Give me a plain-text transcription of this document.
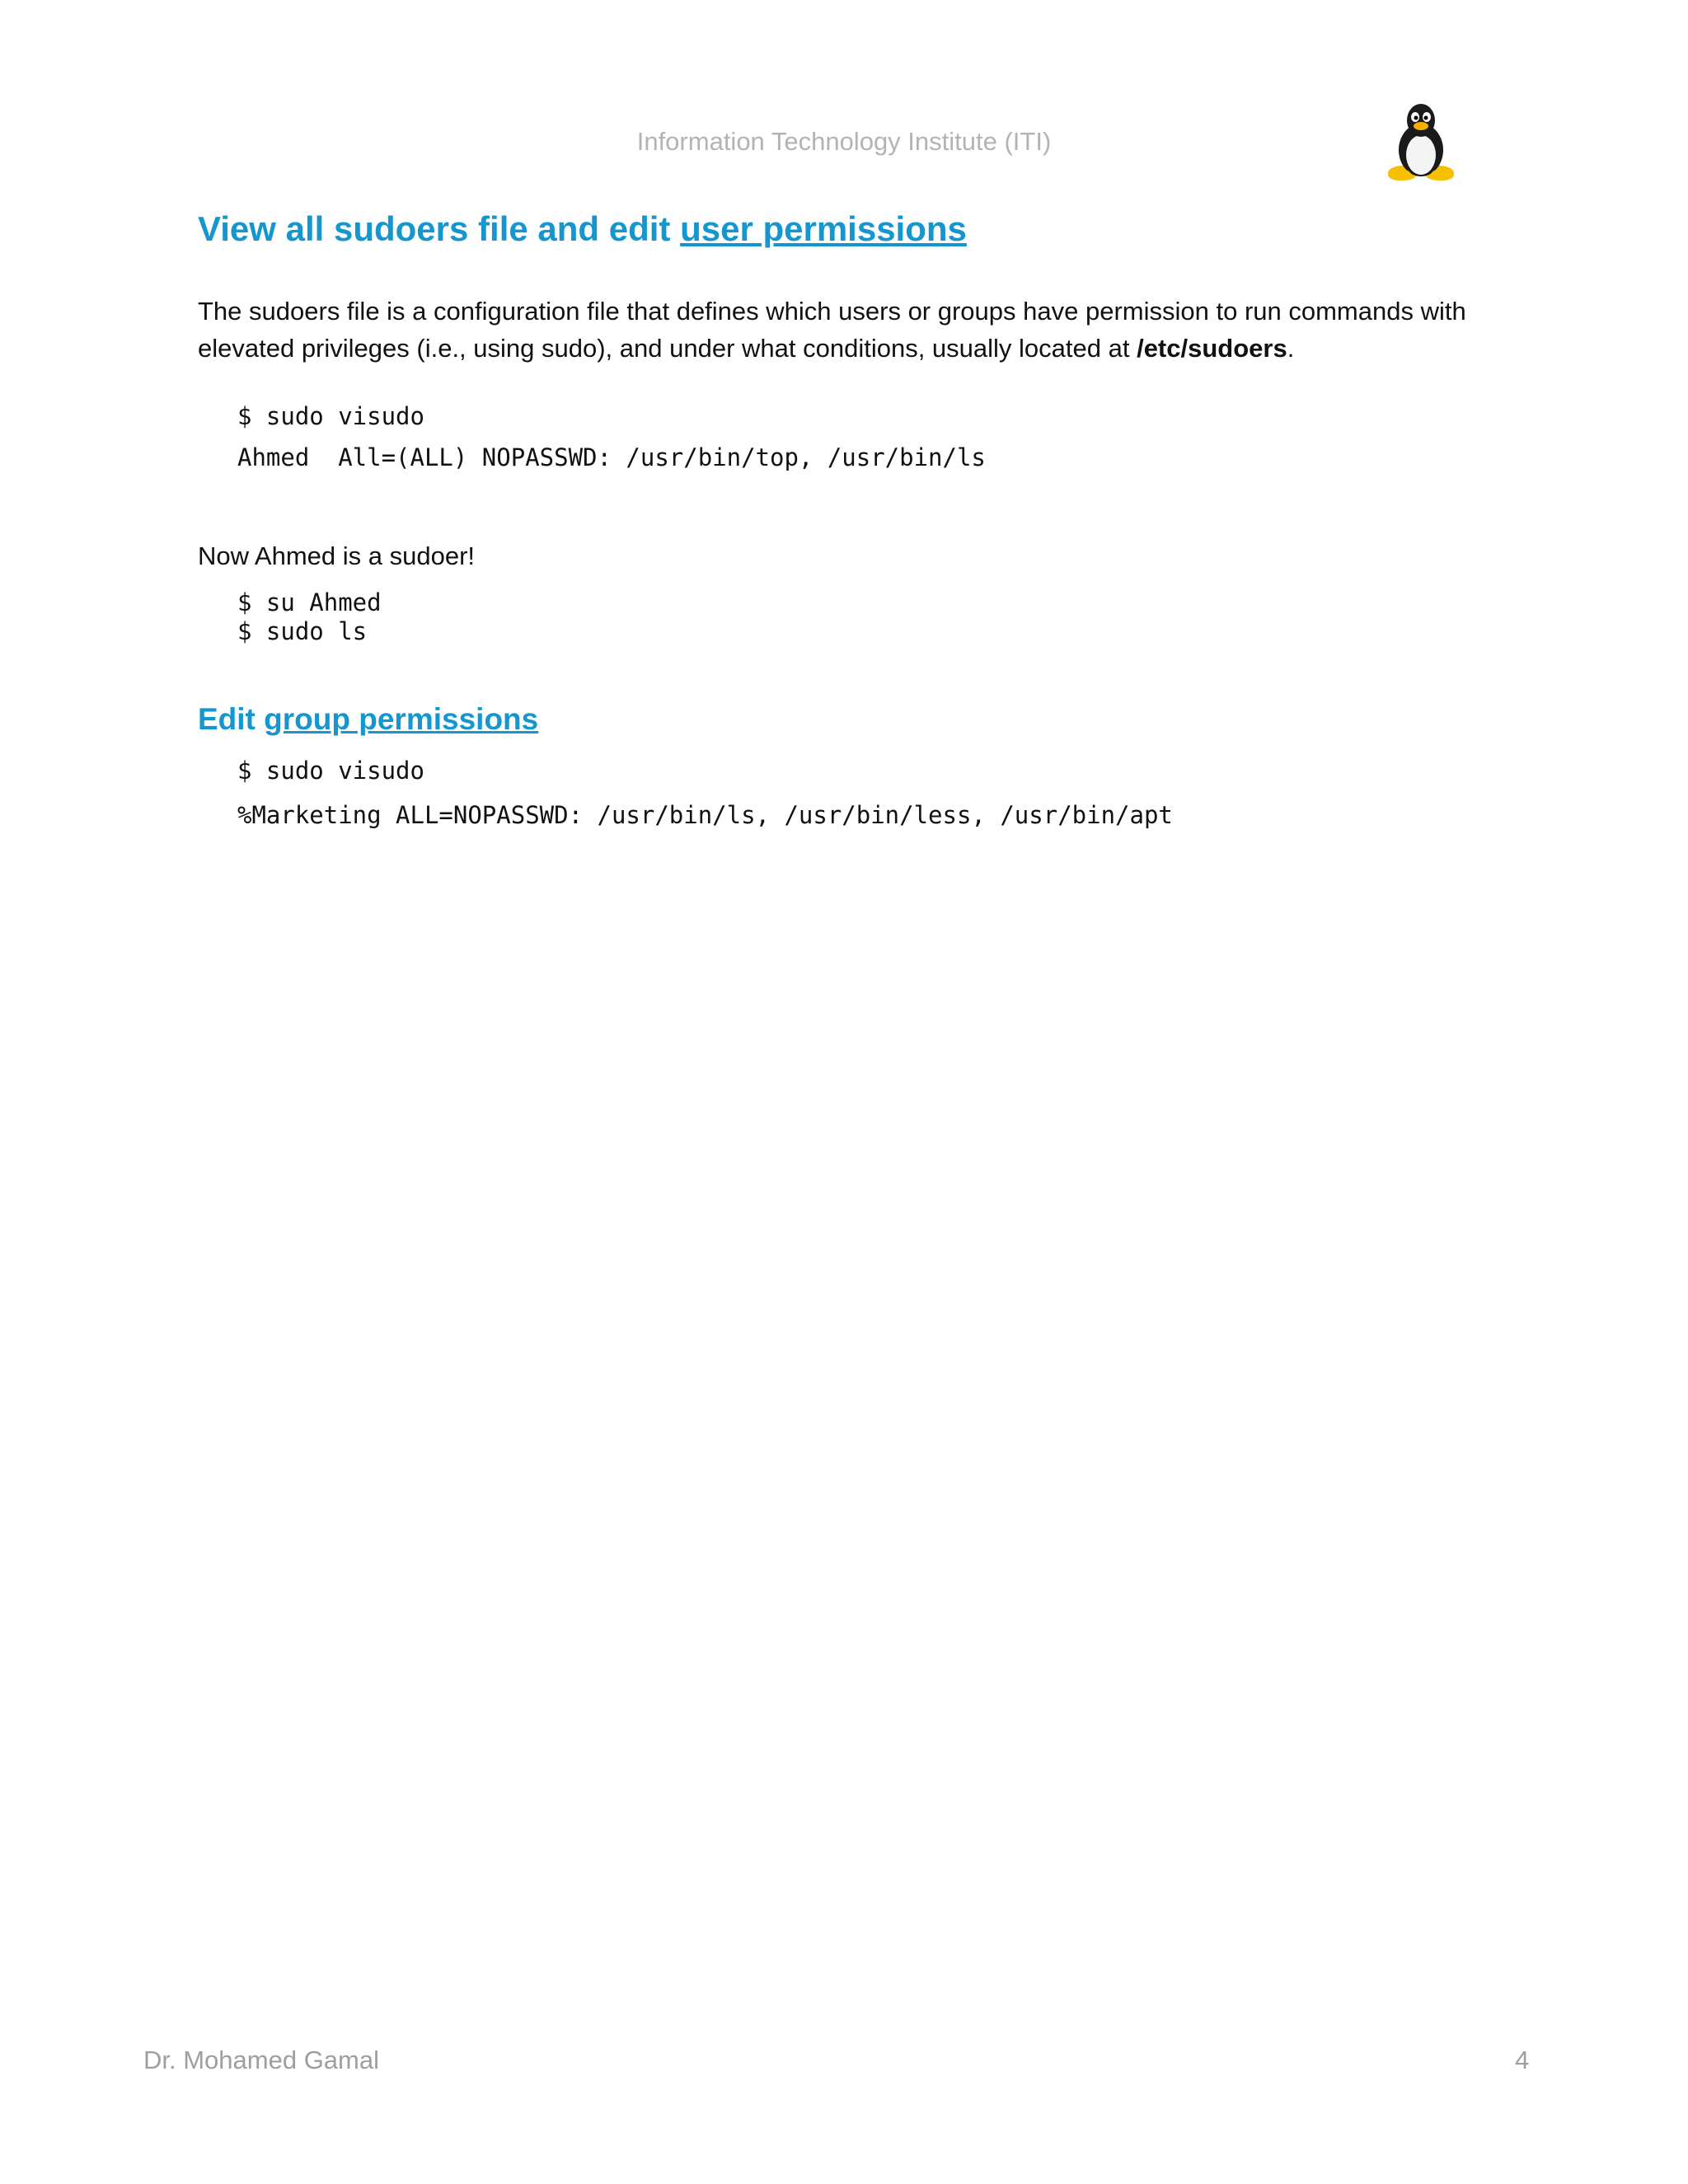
Information Technology Institute (ITI)
View all sudoers file and edit user permissions
The sudoers file is a configuration file that defines which users or groups have permission to run commands with elevated privileges (i.e., using sudo), and under what conditions, usually located at /etc/sudoers.
$ sudo visudo
Ahmed  All=(ALL) NOPASSWD: /usr/bin/top, /usr/bin/ls
Now Ahmed is a sudoer!
$ su Ahmed
$ sudo ls
Edit group permissions
$ sudo visudo
%Marketing ALL=NOPASSWD: /usr/bin/ls, /usr/bin/less, /usr/bin/apt
Dr. Mohamed Gamal	4
